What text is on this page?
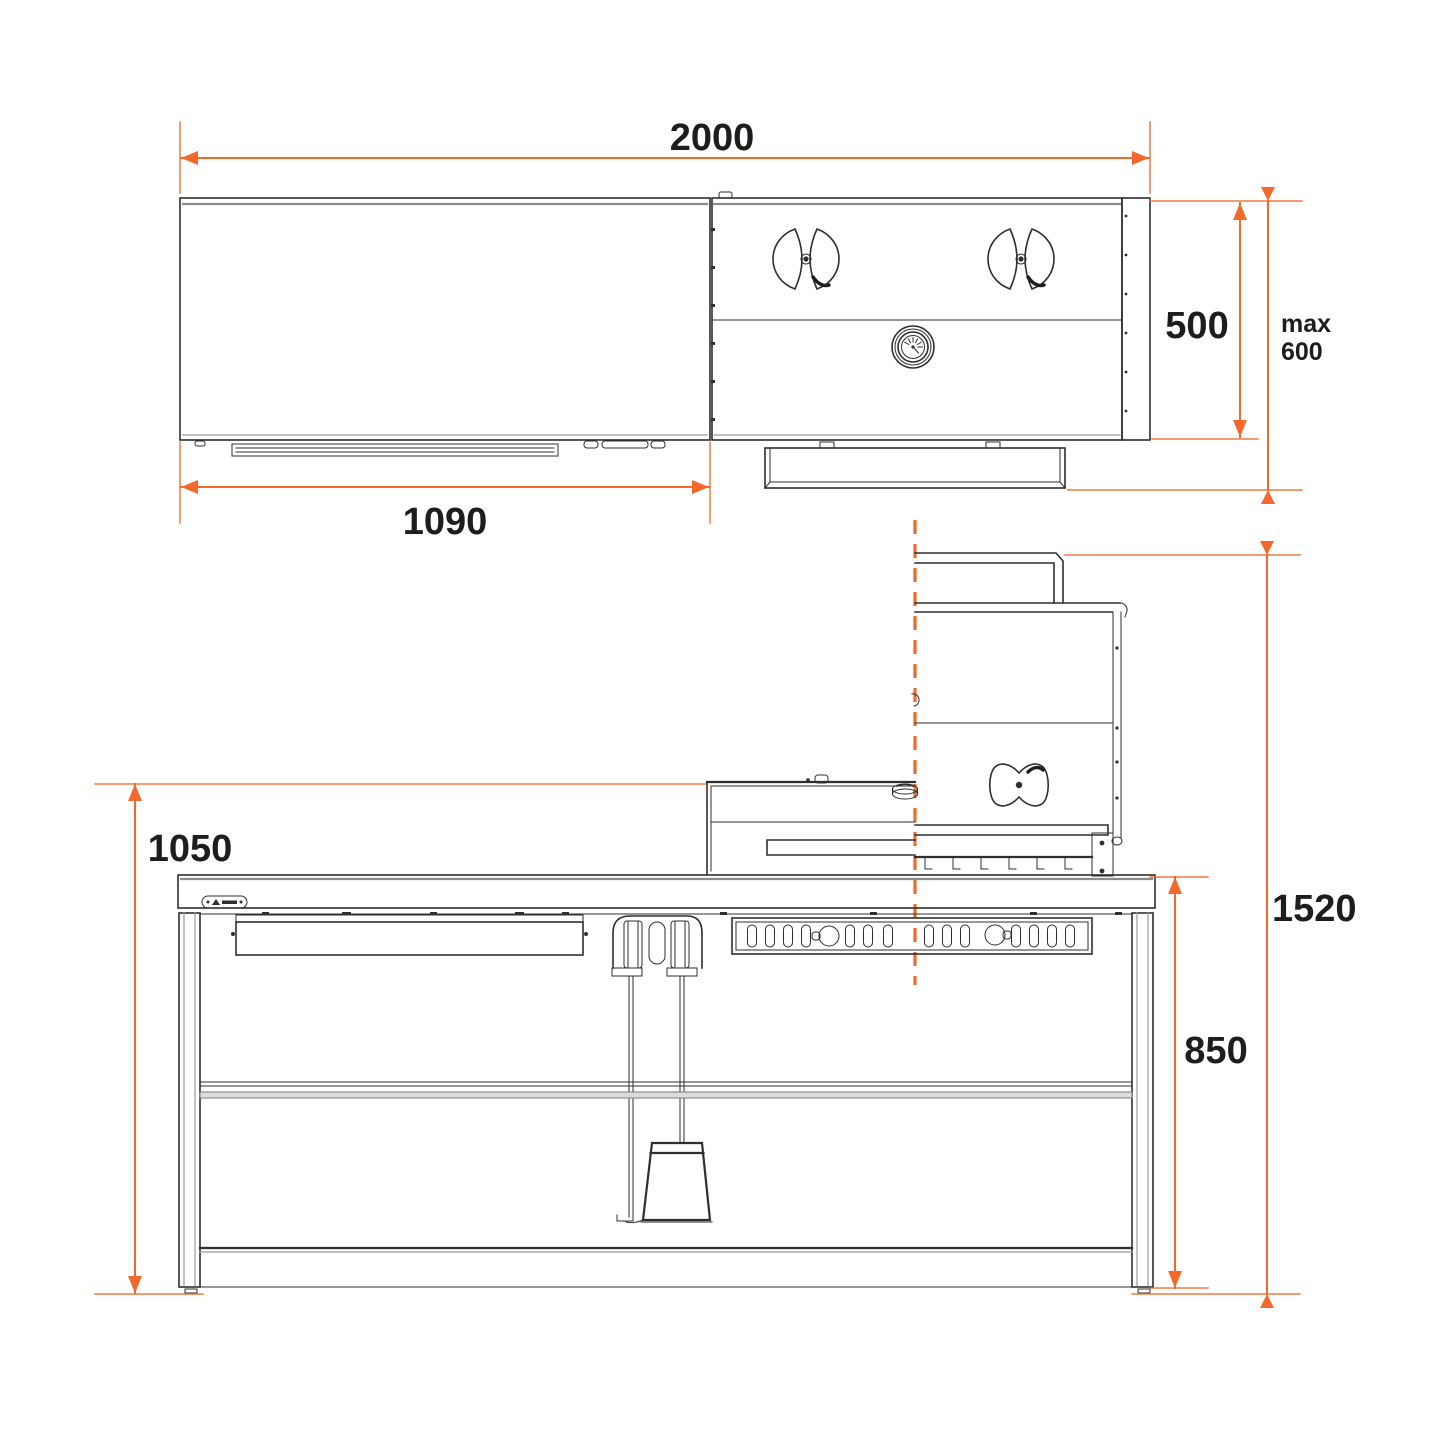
2000
1090
500 max
600
1050
1520
850
